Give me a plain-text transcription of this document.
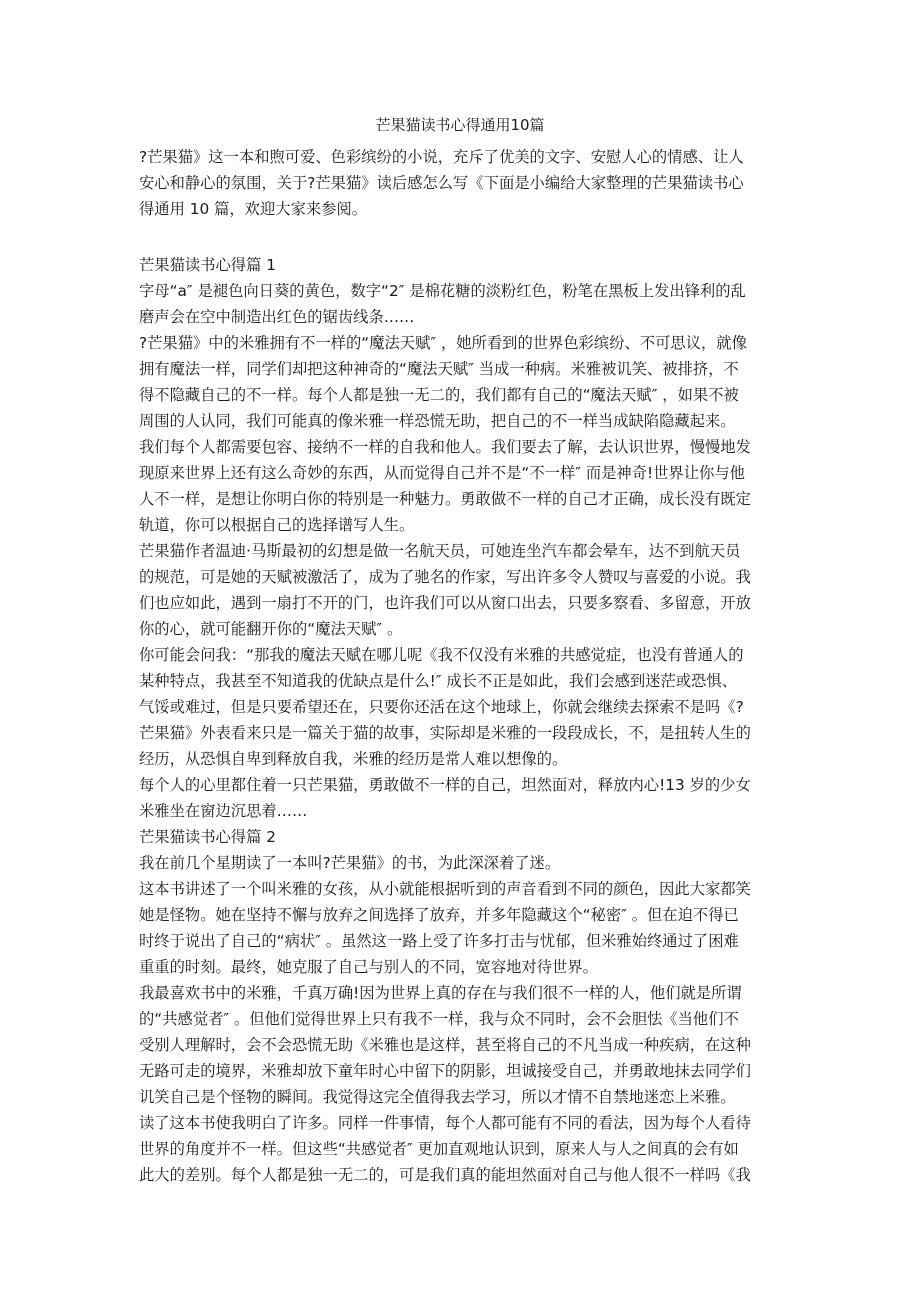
芒果猫读书心得通用10篇
?芒果猫》这一本和煦可爱、色彩缤纷的小说，充斥了优美的文字、安慰人心的情感、让人
安心和静心的氛围，关于?芒果猫》读后感怎么写《下面是小编给大家整理的芒果猫读书心
得通用 10 篇，欢迎大家来参阅。
芒果猫读书心得篇 1
字母“a″ 是褪色向日葵的黄色，数字“2″ 是棉花糖的淡粉红色，粉笔在黑板上发出锋利的乱
磨声会在空中制造出红色的锯齿线条……
?芒果猫》中的米雅拥有不一样的“魔法天赋″ ，她所看到的世界色彩缤纷、不可思议，就像
拥有魔法一样，同学们却把这种神奇的“魔法天赋″ 当成一种病。米雅被讥笑、被排挤，不
得不隐藏自己的不一样。每个人都是独一无二的，我们都有自己的“魔法天赋″ ，如果不被
周围的人认同，我们可能真的像米雅一样恐慌无助，把自己的不一样当成缺陷隐藏起来。
我们每个人都需要包容、接纳不一样的自我和他人。我们要去了解，去认识世界，慢慢地发
现原来世界上还有这么奇妙的东西，从而觉得自己并不是“不一样″ 而是神奇!世界让你与他
人不一样，是想让你明白你的特别是一种魅力。勇敢做不一样的自己才正确，成长没有既定
轨道，你可以根据自己的选择谱写人生。
芒果猫作者温迪·马斯最初的幻想是做一名航天员，可她连坐汽车都会晕车，达不到航天员
的规范，可是她的天赋被激活了，成为了驰名的作家，写出许多令人赞叹与喜爱的小说。我
们也应如此，遇到一扇打不开的门，也许我们可以从窗口出去，只要多察看、多留意，开放
你的心，就可能翻开你的“魔法天赋″ 。
你可能会问我：“那我的魔法天赋在哪儿呢《我不仅没有米雅的共感觉症，也没有普通人的
某种特点，我甚至不知道我的优缺点是什么!″ 成长不正是如此，我们会感到迷茫或恐惧、
气馁或难过，但是只要希望还在，只要你还活在这个地球上，你就会继续去探索不是吗《?
芒果猫》外表看来只是一篇关于猫的故事，实际却是米雅的一段段成长，不，是扭转人生的
经历，从恐惧自卑到释放自我，米雅的经历是常人难以想像的。
每个人的心里都住着一只芒果猫，勇敢做不一样的自己，坦然面对，释放内心!13 岁的少女
米雅坐在窗边沉思着……
芒果猫读书心得篇 2
我在前几个星期读了一本叫?芒果猫》的书，为此深深着了迷。
这本书讲述了一个叫米雅的女孩，从小就能根据听到的声音看到不同的颜色，因此大家都笑
她是怪物。她在坚持不懈与放弃之间选择了放弃，并多年隐藏这个“秘密″ 。但在迫不得已
时终于说出了自己的“病状″ 。虽然这一路上受了许多打击与忧郁，但米雅始终通过了困难
重重的时刻。最终，她克服了自己与别人的不同，宽容地对待世界。
我最喜欢书中的米雅，千真万确!因为世界上真的存在与我们很不一样的人，他们就是所谓
的“共感觉者″ 。但他们觉得世界上只有我不一样，我与众不同时，会不会胆怯《当他们不
受别人理解时，会不会恐慌无助《米雅也是这样，甚至将自己的不凡当成一种疾病，在这种
无路可走的境界，米雅却放下童年时心中留下的阴影，坦诚接受自己，并勇敢地抹去同学们
讥笑自己是个怪物的瞬间。我觉得这完全值得我去学习，所以才情不自禁地迷恋上米雅。
读了这本书使我明白了许多。同样一件事情，每个人都可能有不同的看法，因为每个人看待
世界的角度并不一样。但这些“共感觉者″ 更加直观地认识到，原来人与人之间真的会有如
此大的差别。每个人都是独一无二的，可是我们真的能坦然面对自己与他人很不一样吗《我
